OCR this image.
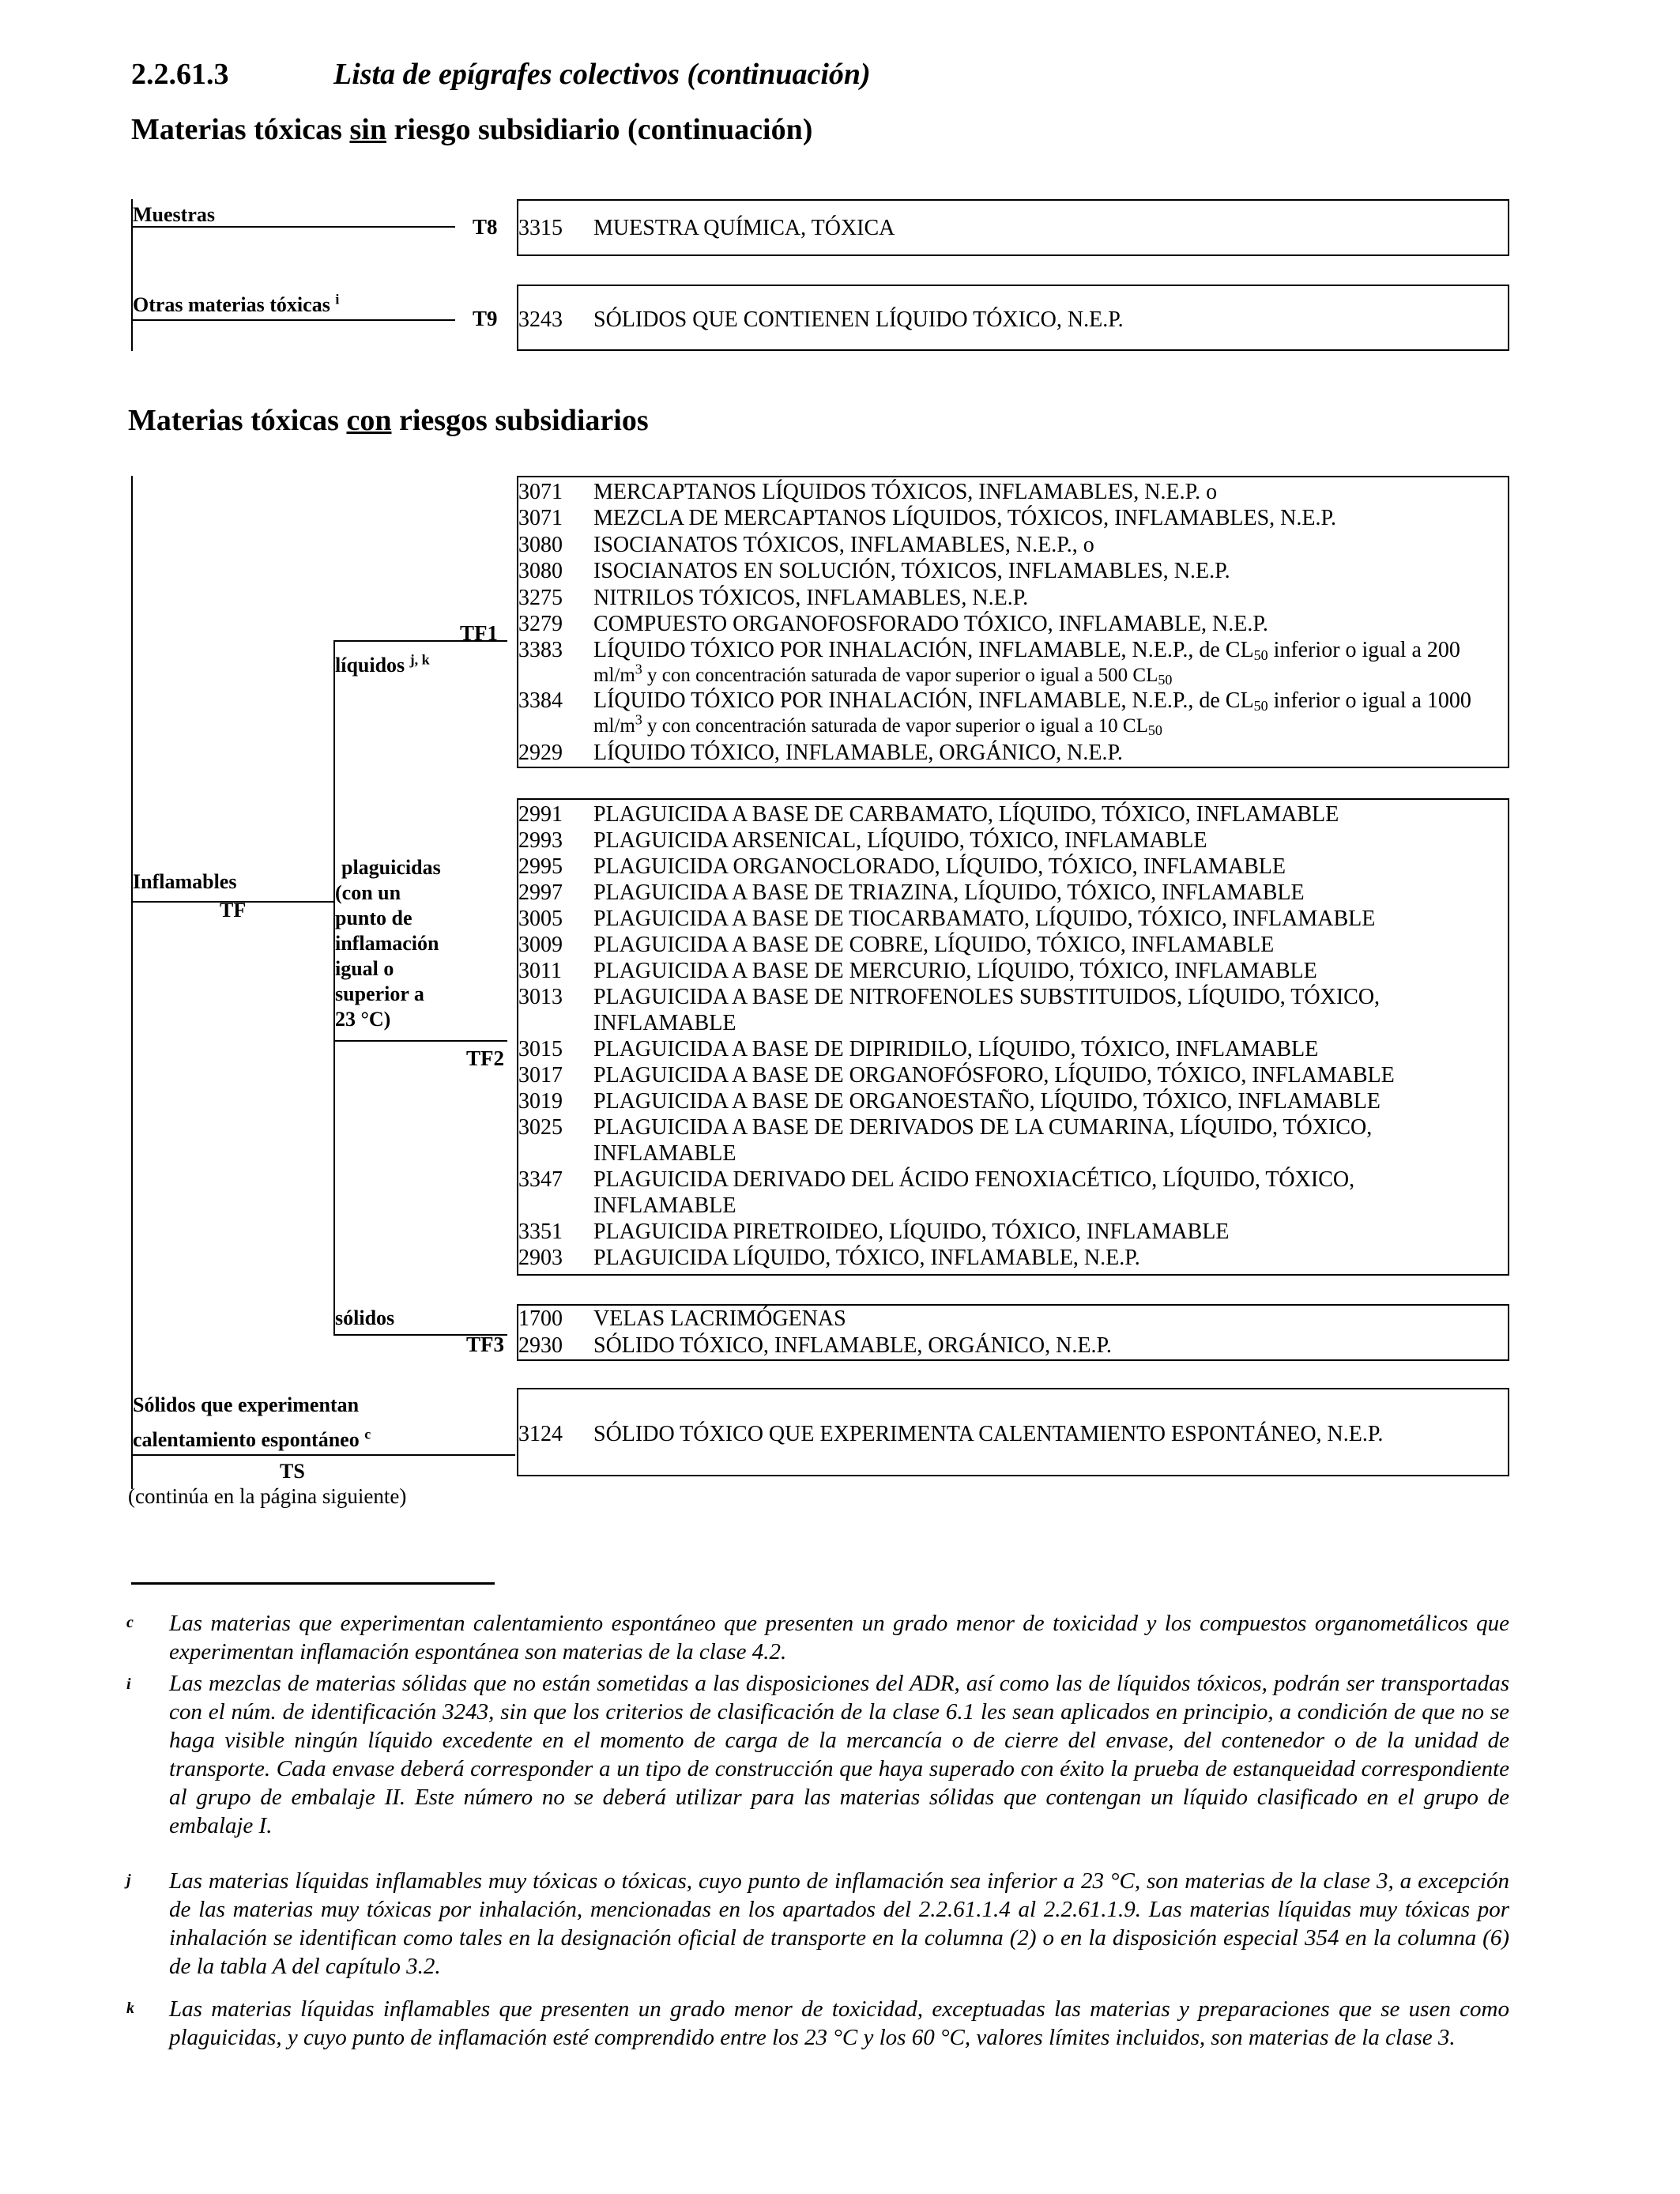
2.2.61.3	Lista de epígrafes colectivos (continuación)
Materias tóxicas sin riesgo subsidiario (continuación)
Muestras
T8 3315 MUESTRA QUÍMICA, TÓXICA
Otras materias tóxicas $^i$
T9 3243 SÓLIDOS QUE CONTIENEN LÍQUIDO TÓXICO, N.E.P.
Materias tóxicas con riesgos subsidiarios
Inflamables
TF
líquidos $^{j, k}$
plaguicidas
(con un
punto de
inflamación
igual o
superior a
23 °C)
sólidos
TF1
TF2
TF3
Sólidos que experimentan
calentamiento espontáneo $^c$
TS
(continúa en la página siguiente)
3071 MERCAPTANOS LÍQUIDOS TÓXICOS, INFLAMABLES, N.E.P. o
3071 MEZCLA DE MERCAPTANOS LÍQUIDOS, TÓXICOS, INFLAMABLES, N.E.P.
3080 ISOCIANATOS TÓXICOS, INFLAMABLES, N.E.P., o
3080 ISOCIANATOS EN SOLUCIÓN, TÓXICOS, INFLAMABLES, N.E.P.
3275 NITRILOS TÓXICOS, INFLAMABLES, N.E.P.
3279 COMPUESTO ORGANOFOSFORADO TÓXICO, INFLAMABLE, N.E.P.
3383 LÍQUIDO TÓXICO POR INHALACIÓN, INFLAMABLE, N.E.P., de $CL_{50}$ inferior o igual a 200
$ml/m^3$ y con concentración saturada de vapor superior o igual a 500 $CL_{50}$
3384 LÍQUIDO TÓXICO POR INHALACIÓN, INFLAMABLE, N.E.P., de $CL_{50}$ inferior o igual a 1000
$ml/m^3$ y con concentración saturada de vapor superior o igual a 10 $CL_{50}$
2929 LÍQUIDO TÓXICO, INFLAMABLE, ORGÁNICO, N.E.P.
2991 PLAGUICIDA A BASE DE CARBAMATO, LÍQUIDO, TÓXICO, INFLAMABLE
2993 PLAGUICIDA ARSENICAL, LÍQUIDO, TÓXICO, INFLAMABLE
2995 PLAGUICIDA ORGANOCLORADO, LÍQUIDO, TÓXICO, INFLAMABLE
2997 PLAGUICIDA A BASE DE TRIAZINA, LÍQUIDO, TÓXICO, INFLAMABLE
3005 PLAGUICIDA A BASE DE TIOCARBAMATO, LÍQUIDO, TÓXICO, INFLAMABLE
3009 PLAGUICIDA A BASE DE COBRE, LÍQUIDO, TÓXICO, INFLAMABLE
3011 PLAGUICIDA A BASE DE MERCURIO, LÍQUIDO, TÓXICO, INFLAMABLE
3013 PLAGUICIDA A BASE DE NITROFENOLES SUBSTITUIDOS, LÍQUIDO, TÓXICO,
INFLAMABLE
3015 PLAGUICIDA A BASE DE DIPIRIDILO, LÍQUIDO, TÓXICO, INFLAMABLE
3017 PLAGUICIDA A BASE DE ORGANOFÓSFORO, LÍQUIDO, TÓXICO, INFLAMABLE
3019 PLAGUICIDA A BASE DE ORGANOESTAÑO, LÍQUIDO, TÓXICO, INFLAMABLE
3025 PLAGUICIDA A BASE DE DERIVADOS DE LA CUMARINA, LÍQUIDO, TÓXICO,
INFLAMABLE
3347 PLAGUICIDA DERIVADO DEL ÁCIDO FENOXIACÉTICO, LÍQUIDO, TÓXICO,
INFLAMABLE
3351 PLAGUICIDA PIRETROIDEO, LÍQUIDO, TÓXICO, INFLAMABLE
2903 PLAGUICIDA LÍQUIDO, TÓXICO, INFLAMABLE, N.E.P.
1700 VELAS LACRIMÓGENAS
2930 SÓLIDO TÓXICO, INFLAMABLE, ORGÁNICO, N.E.P.
3124 SÓLIDO TÓXICO QUE EXPERIMENTA CALENTAMIENTO ESPONTÁNEO, N.E.P.
c Las materias que experimentan calentamiento espontáneo que presenten un grado menor de toxicidad y los compuestos organometálicos que experimentan inflamación espontánea son materias de la clase 4.2.
i Las mezclas de materias sólidas que no están sometidas a las disposiciones del ADR, así como las de líquidos tóxicos, podrán ser transportadas con el núm. de identificación 3243, sin que los criterios de clasificación de la clase 6.1 les sean aplicados en principio, a condición de que no se haga visible ningún líquido excedente en el momento de carga de la mercancía o de cierre del envase, del contenedor o de la unidad de transporte. Cada envase deberá corresponder a un tipo de construcción que haya superado con éxito la prueba de estanqueidad correspondiente al grupo de embalaje II. Este número no se deberá utilizar para las materias sólidas que contengan un líquido clasificado en el grupo de embalaje I.
j Las materias líquidas inflamables muy tóxicas o tóxicas, cuyo punto de inflamación sea inferior a 23 °C, son materias de la clase 3, a excepción de las materias muy tóxicas por inhalación, mencionadas en los apartados del 2.2.61.1.4 al 2.2.61.1.9. Las materias líquidas muy tóxicas por inhalación se identifican como tales en la designación oficial de transporte en la columna (2) o en la disposición especial 354 en la columna (6) de la tabla A del capítulo 3.2.
k Las materias líquidas inflamables que presenten un grado menor de toxicidad, exceptuadas las materias y preparaciones que se usen como plaguicidas, y cuyo punto de inflamación esté comprendido entre los 23 °C y los 60 °C, valores límites incluidos, son materias de la clase 3.
